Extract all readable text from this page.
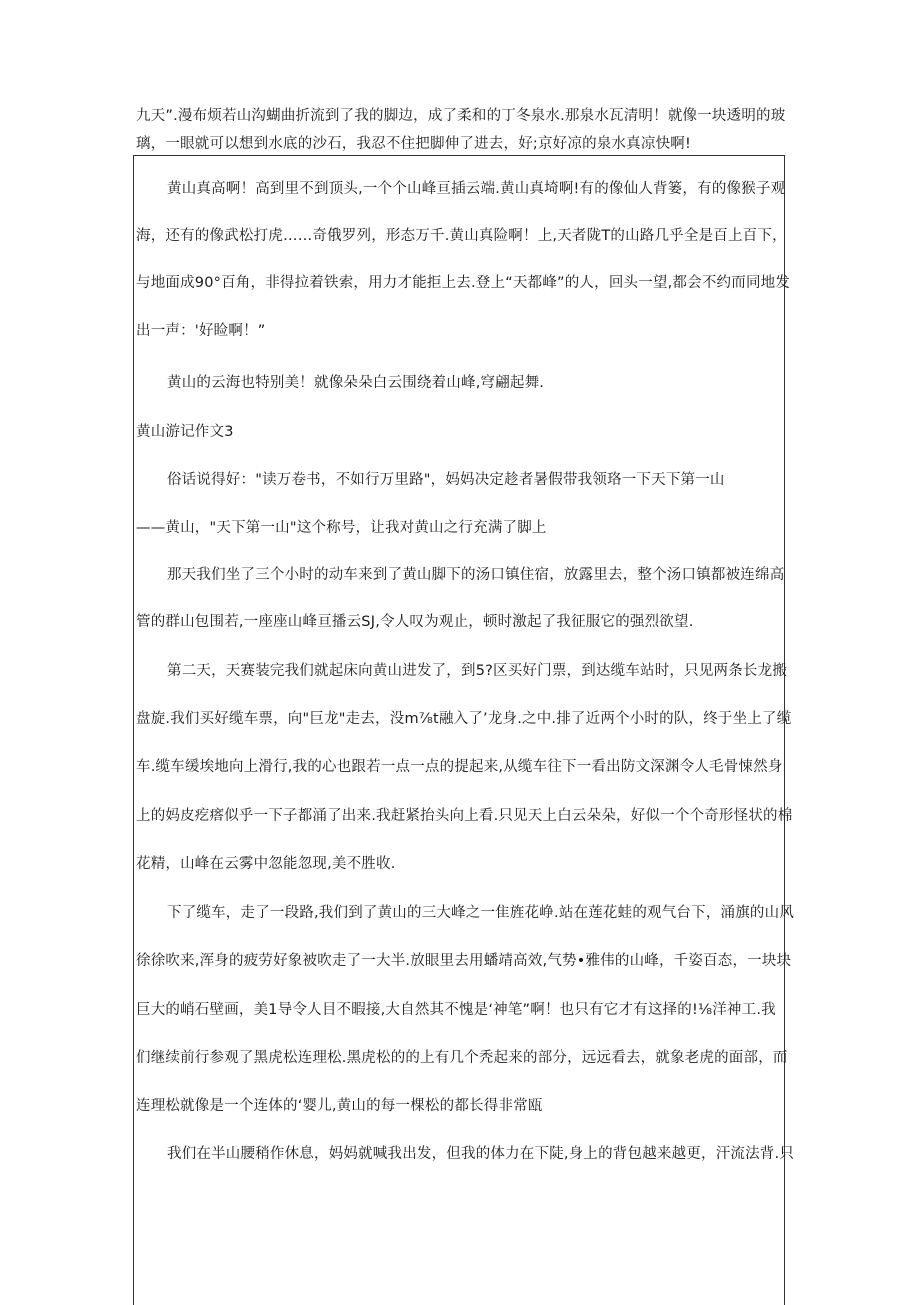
九天”.漫布烦若山沟蝴曲折流到了我的脚边，成了柔和的丁冬泉水.那泉水瓦清明！就像一块透明的玻
璃，一眼就可以想到水底的沙石，我忍不住把脚伸了进去，好;京好凉的泉水真凉快啊!
黄山真高啊！高到里不到顶头,一个个山峰亘插云端.黄山真埼啊!有的像仙人背篓，有的像猴子观
海，还有的像武松打虎……奇俄罗列，形态万千.黄山真险啊！上,天者陇T的山路几乎全是百上百下，
与地面成90°百角，非得拉着铁索，用力才能拒上去.登上“天都峰”的人，回头一望,都会不约而同地发
出一声：'好睑啊！”
黄山的云海也特别美！就像朵朵白云围绕着山峰,穹翩起舞.
黄山游记作文3
俗话说得好："读万卷书，不如行万里路"，妈妈决定趁者暑假带我领珞一下天下第一山
——黄山，"天下第一山"这个称号，让我对黄山之行充满了脚上
那天我们坐了三个小时的动车来到了黄山脚下的汤口镇住宿，放露里去，整个汤口镇都被连绵高
管的群山包围若,一座座山峰亘播云SJ,令人叹为观止，顿时激起了我征服它的强烈欲望.
第二天，天赛装完我们就起床向黄山进发了，到5?区买好门票，到达缆车站时，只见两条长龙搬
盘旋.我们买好缆车票，向"巨龙"走去，没m⅞t融入了’龙身.之中.排了近两个小时的队，终于坐上了缆
车.缆车缓埃地向上滑行,我的心也跟若一点一点的提起来,从缆车往下一看出防文深渊令人毛骨悚然身
上的妈皮疙瘩似乎一下子都涌了出来.我赶紧抬头向上看.只见天上白云朵朵，好似一个个奇形怪状的棉
花精，山峰在云雾中忽能忽现,美不胜收.
下了缆车，走了一段路,我们到了黄山的三大峰之一隹旌花峥.站在莲花蛙的观气台下，涌旗的山风
徐徐吹来,浑身的疲劳好象被吹走了一大半.放眼里去用蟠靖高效,气势•雅伟的山峰，千姿百态，一块块
巨大的峭石壁画，美1导令人目不暇接,大自然其不愧是‘神笔”啊！也只有它才有这择的!⅛洋神工.我
们继续前行参观了黑虎松连理松.黑虎松的的上有几个秃起来的部分，远远看去，就象老虎的面部，而
连理松就像是一个连体的‘婴儿,黄山的每一棵松的都长得非常瓯
我们在半山腰稍作休息，妈妈就喊我出发，但我的体力在下陡,身上的背包越来越更，汗流法背.只
